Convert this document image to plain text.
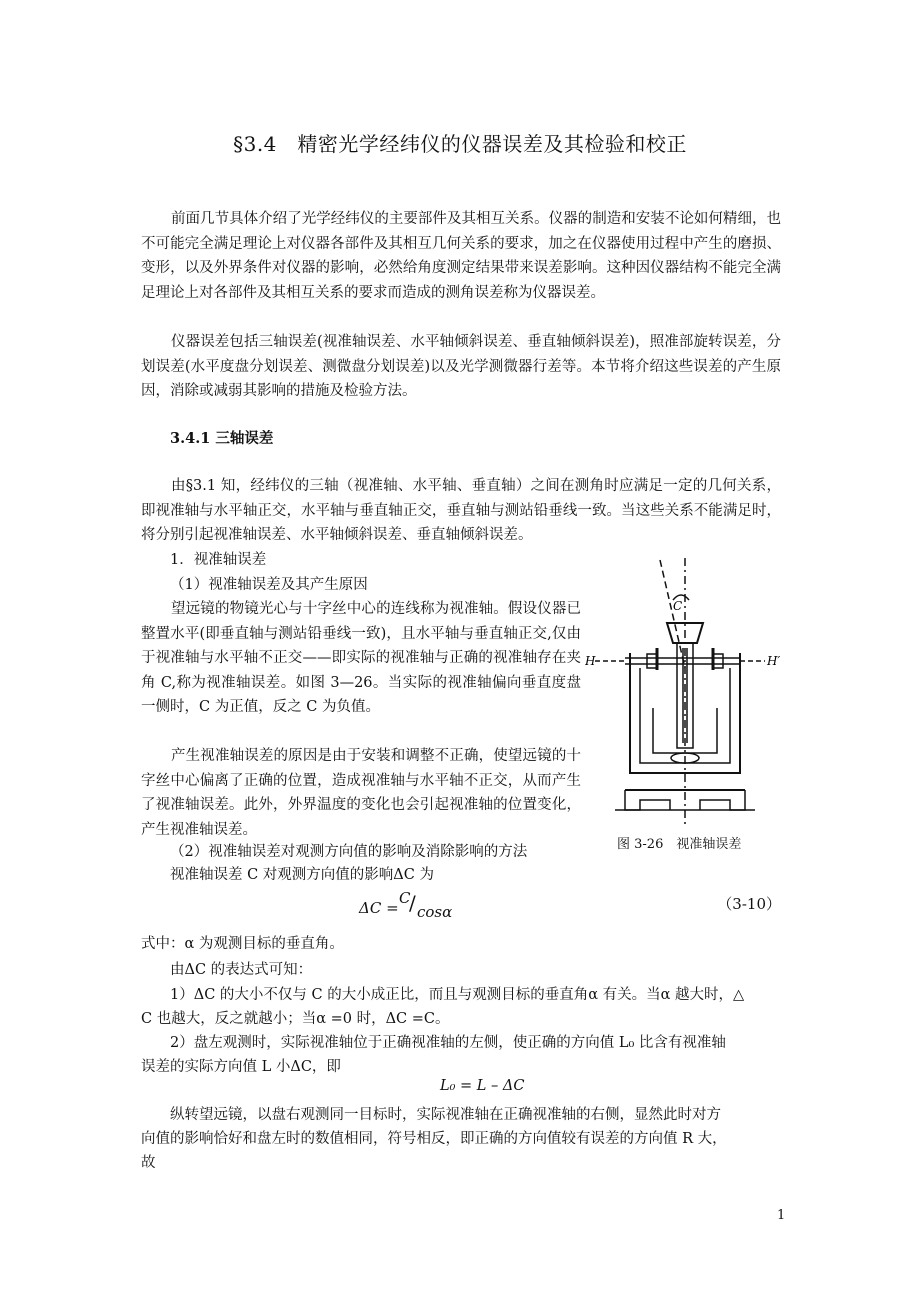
§3.4　精密光学经纬仪的仪器误差及其检验和校正

前面几节具体介绍了光学经纬仪的主要部件及其相互关系。仪器的制造和安装不论如何精细，也不可能完全满足理论上对仪器各部件及其相互几何关系的要求，加之在仪器使用过程中产生的磨损、变形，以及外界条件对仪器的影响，必然给角度测定结果带来误差影响。这种因仪器结构不能完全满足理论上对各部件及其相互关系的要求而造成的测角误差称为仪器误差。

仪器误差包括三轴误差(视准轴误差、水平轴倾斜误差、垂直轴倾斜误差)，照准部旋转误差，分划误差(水平度盘分划误差、测微盘分划误差)以及光学测微器行差等。本节将介绍这些误差的产生原因，消除或减弱其影响的措施及检验方法。

3.4.1 三轴误差

由§3.1 知，经纬仪的三轴（视准轴、水平轴、垂直轴）之间在测角时应满足一定的几何关系，即视准轴与水平轴正交，水平轴与垂直轴正交，垂直轴与测站铅垂线一致。当这些关系不能满足时，将分别引起视准轴误差、水平轴倾斜误差、垂直轴倾斜误差。

1．视准轴误差
（1）视准轴误差及其产生原因

望远镜的物镜光心与十字丝中心的连线称为视准轴。假设仪器已整置水平(即垂直轴与测站铅垂线一致)，且水平轴与垂直轴正交,仅由于视准轴与水平轴不正交——即实际的视准轴与正确的视准轴存在夹角 C,称为视准轴误差。如图 3—26。当实际的视准轴偏向垂直度盘一侧时，C 为正值，反之 C 为负值。

产生视准轴误差的原因是由于安装和调整不正确，使望远镜的十字丝中心偏离了正确的位置，造成视准轴与水平轴不正交，从而产生了视准轴误差。此外，外界温度的变化也会引起视准轴的位置变化，产生视准轴误差。

（2）视准轴误差对观测方向值的影响及消除影响的方法
视准轴误差 C 对观测方向值的影响ΔC 为
C
H	H′
图 3-26　视准轴误差
ΔC =
C
/ cosα	（3-10）
式中：α 为观测目标的垂直角。
由ΔC 的表达式可知：
1）ΔC 的大小不仅与 C 的大小成正比，而且与观测目标的垂直角α 有关。当α 越大时，△
C 也越大，反之就越小；当α =0 时，ΔC =C。
2）盘左观测时，实际视准轴位于正确视准轴的左侧，使正确的方向值 L₀ 比含有视准轴
误差的实际方向值 L 小ΔC，即
L₀ = L – ΔC
纵转望远镜，以盘右观测同一目标时，实际视准轴在正确视准轴的右侧，显然此时对方
向值的影响恰好和盘左时的数值相同，符号相反，即正确的方向值较有误差的方向值 R 大，
故
1
